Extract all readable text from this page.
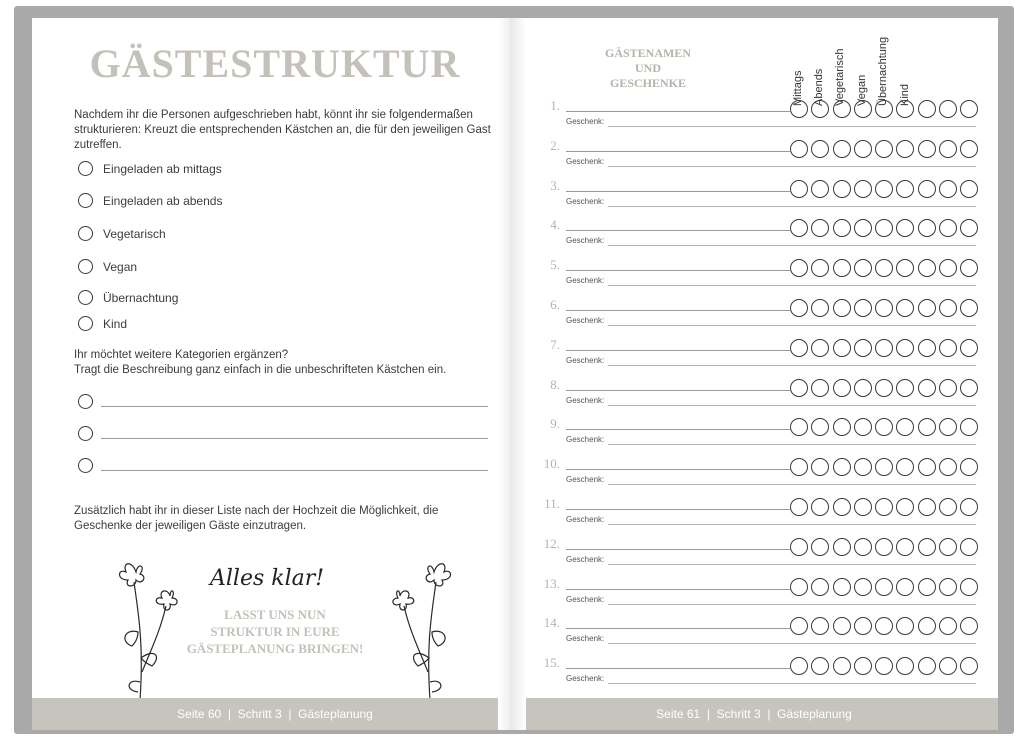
GÄSTESTRUKTUR
Nachdem ihr die Personen aufgeschrieben habt, könnt ihr sie folgendermaßen strukturieren: Kreuzt die entsprechenden Kästchen an, die für den jeweiligen Gast zutreffen.
Eingeladen ab mittags
Eingeladen ab abends
Vegetarisch
Vegan
Übernachtung
Kind
Ihr möchtet weitere Kategorien ergänzen?
Tragt die Beschreibung ganz einfach in die unbeschrifteten Kästchen ein.
Zusätzlich habt ihr in dieser Liste nach der Hochzeit die Möglichkeit, die Geschenke der jeweiligen Gäste einzutragen.
Alles klar!
LASST UNS NUN
STRUKTUR IN EURE
GÄSTEPLANUNG BRINGEN!
Seite 60  |  Schritt 3  |  Gästeplanung
GÄSTENAMEN
UND
GESCHENKE	Mittags Abends Vegetarisch Vegan Übernachtung Kind
1.
Geschenk:
2.
Geschenk:
3.
Geschenk:
4.
Geschenk:
5.
Geschenk:
6.
Geschenk:
7.
Geschenk:
8.
Geschenk:
9.
Geschenk:
10.
Geschenk:
11.
Geschenk:
12.
Geschenk:
13.
Geschenk:
14.
Geschenk:
15.
Geschenk:
Seite 61  |  Schritt 3  |  Gästeplanung
